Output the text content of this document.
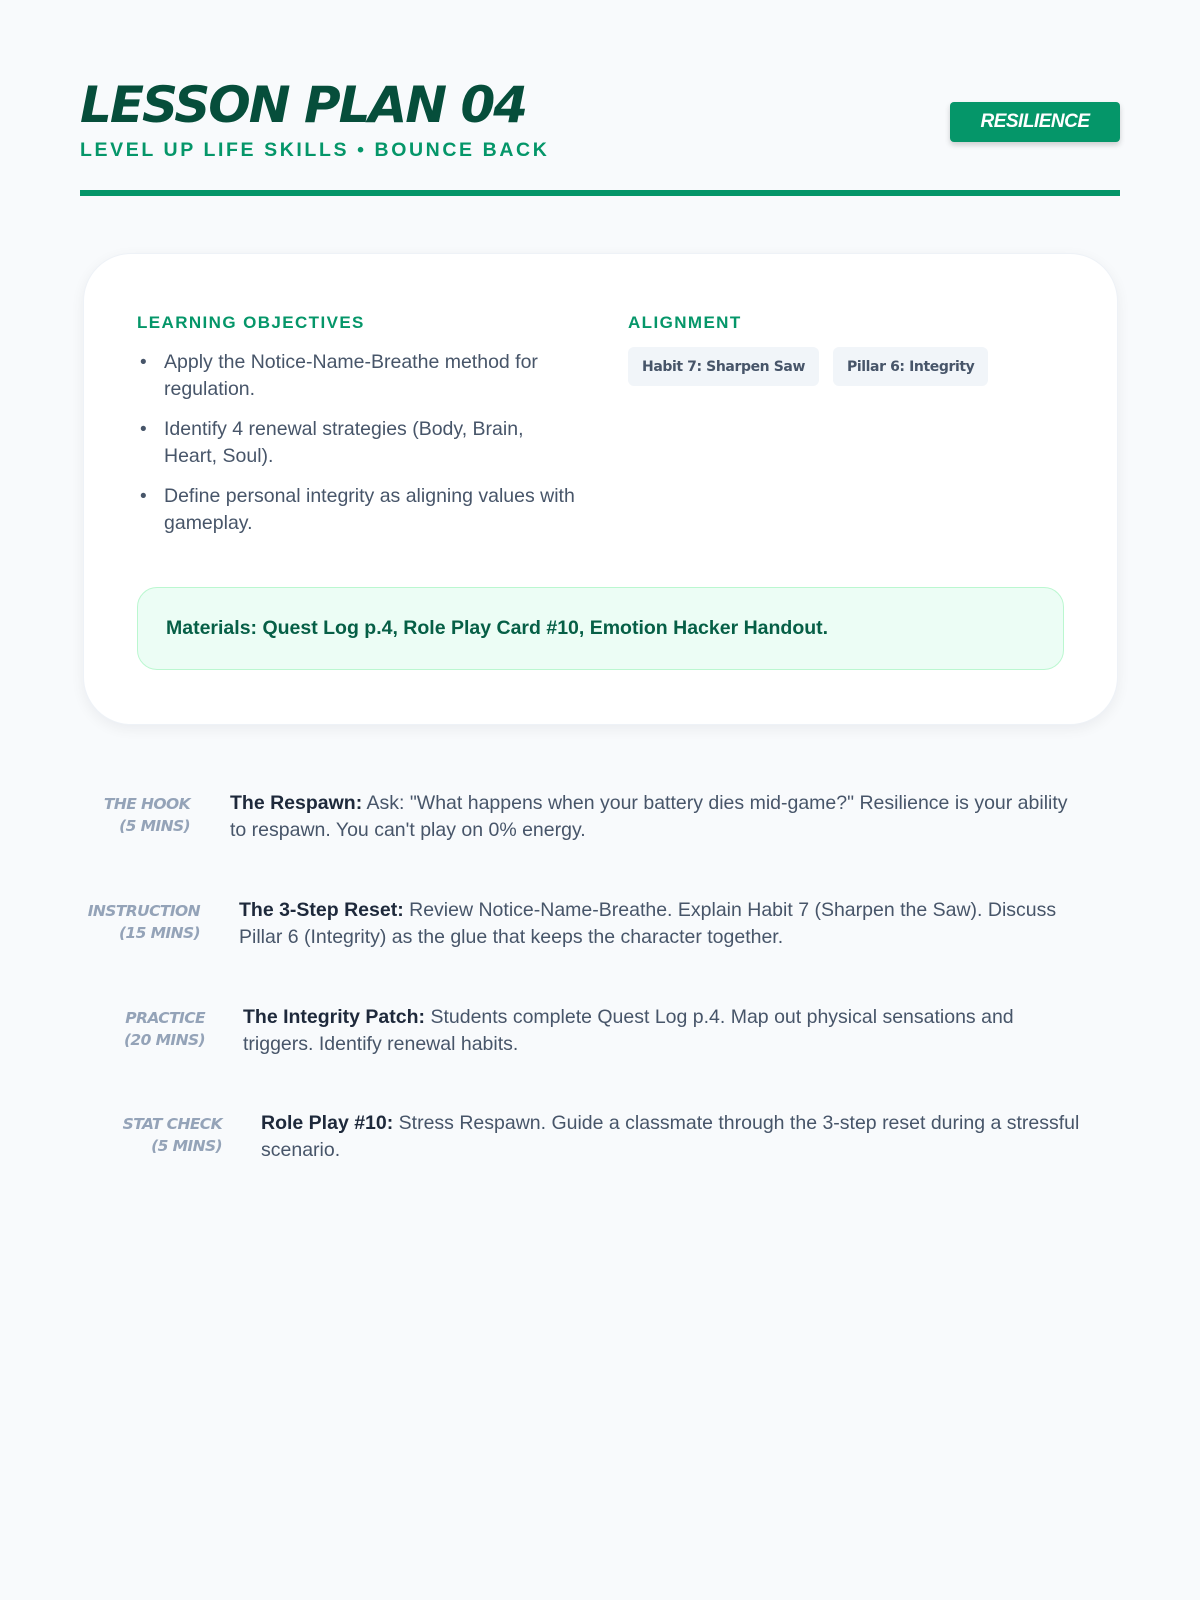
LESSON PLAN 04
LEVEL UP LIFE SKILLS • BOUNCE BACK
RESILIENCE
LEARNING OBJECTIVES
• Apply the Notice-Name-Breathe method for regulation.
• Identify 4 renewal strategies (Body, Brain, Heart, Soul).
• Define personal integrity as aligning values with gameplay.
ALIGNMENT
Habit 7: Sharpen Saw	Pillar 6: Integrity
Materials: Quest Log p.4, Role Play Card #10, Emotion Hacker Handout.
THE HOOK
(5 MINS)
The Respawn: Ask: "What happens when your battery dies mid-game?" Resilience is your ability to respawn. You can't play on 0% energy.
INSTRUCTION
(15 MINS)
The 3-Step Reset: Review Notice-Name-Breathe. Explain Habit 7 (Sharpen the Saw). Discuss Pillar 6 (Integrity) as the glue that keeps the character together.
PRACTICE
(20 MINS)
The Integrity Patch: Students complete Quest Log p.4. Map out physical sensations and triggers. Identify renewal habits.
STAT CHECK
(5 MINS)
Role Play #10: Stress Respawn. Guide a classmate through the 3-step reset during a stressful scenario.
